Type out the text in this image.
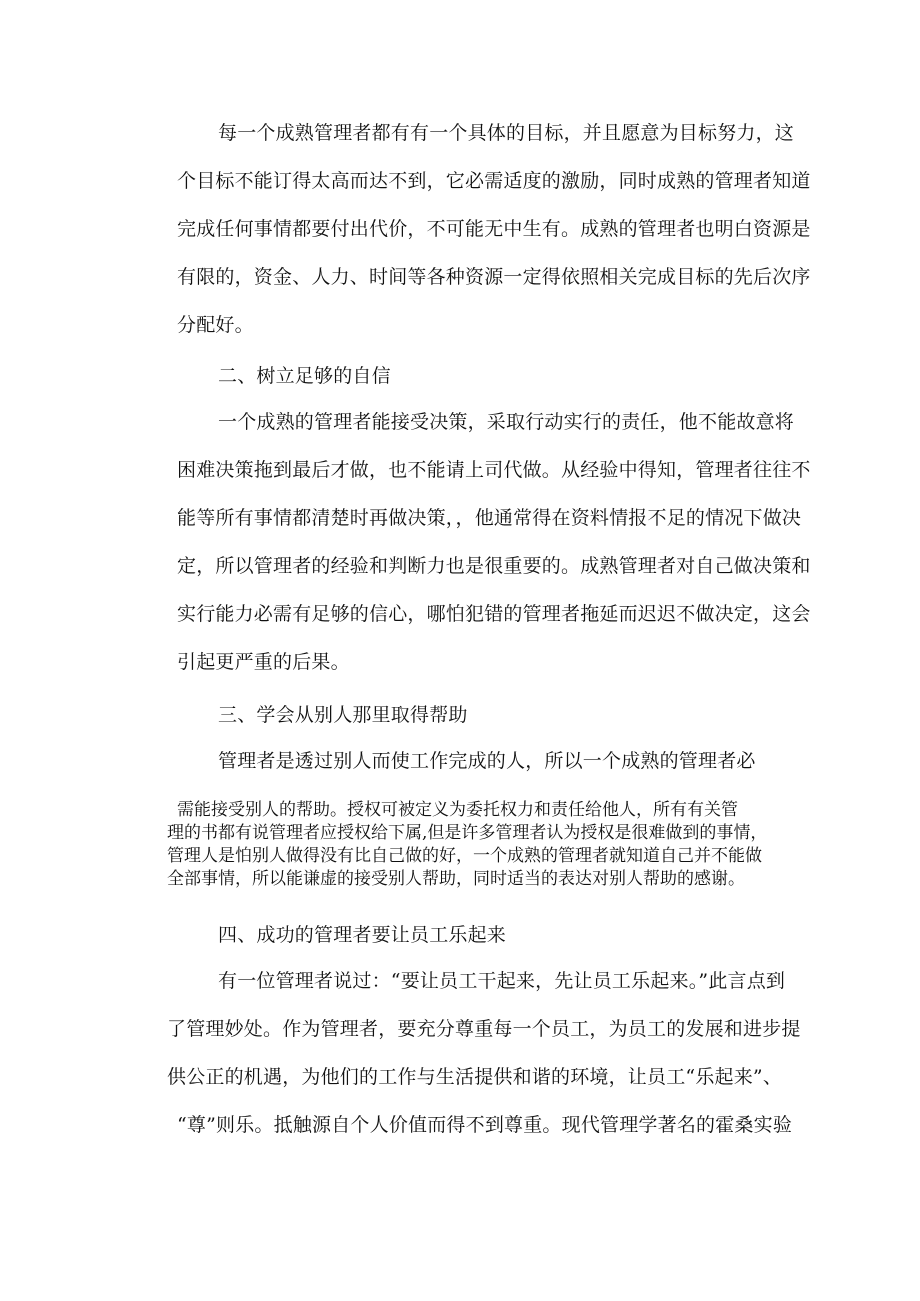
每一个成熟管理者都有有一个具体的目标，并且愿意为目标努力，这
个目标不能订得太高而达不到，它必需适度的激励，同时成熟的管理者知道
完成任何事情都要付出代价，不可能无中生有。成熟的管理者也明白资源是
有限的，资金、人力、时间等各种资源一定得依照相关完成目标的先后次序
分配好。
二、树立足够的自信
一个成熟的管理者能接受决策，采取行动实行的责任，他不能故意将
困难决策拖到最后才做，也不能请上司代做。从经验中得知，管理者往往不
能等所有事情都清楚时再做决策，，他通常得在资料情报不足的情况下做决
定，所以管理者的经验和判断力也是很重要的。成熟管理者对自己做决策和
实行能力必需有足够的信心，哪怕犯错的管理者拖延而迟迟不做决定，这会
引起更严重的后果。
三、学会从别人那里取得帮助
管理者是透过别人而使工作完成的人，所以一个成熟的管理者必
需能接受别人的帮助。授权可被定义为委托权力和责任给他人，所有有关管
理的书都有说管理者应授权给下属,但是许多管理者认为授权是很难做到的事情，
管理人是怕别人做得没有比自己做的好，一个成熟的管理者就知道自己并不能做
全部事情，所以能谦虚的接受别人帮助，同时适当的表达对别人帮助的感谢。
四、成功的管理者要让员工乐起来
有一位管理者说过：“要让员工干起来，先让员工乐起来。”此言点到
了管理妙处。作为管理者，要充分尊重每一个员工，为员工的发展和进步提
供公正的机遇，为他们的工作与生活提供和谐的环境，让员工“乐起来”、
“尊”则乐。抵触源自个人价值而得不到尊重。现代管理学著名的霍桑实验
